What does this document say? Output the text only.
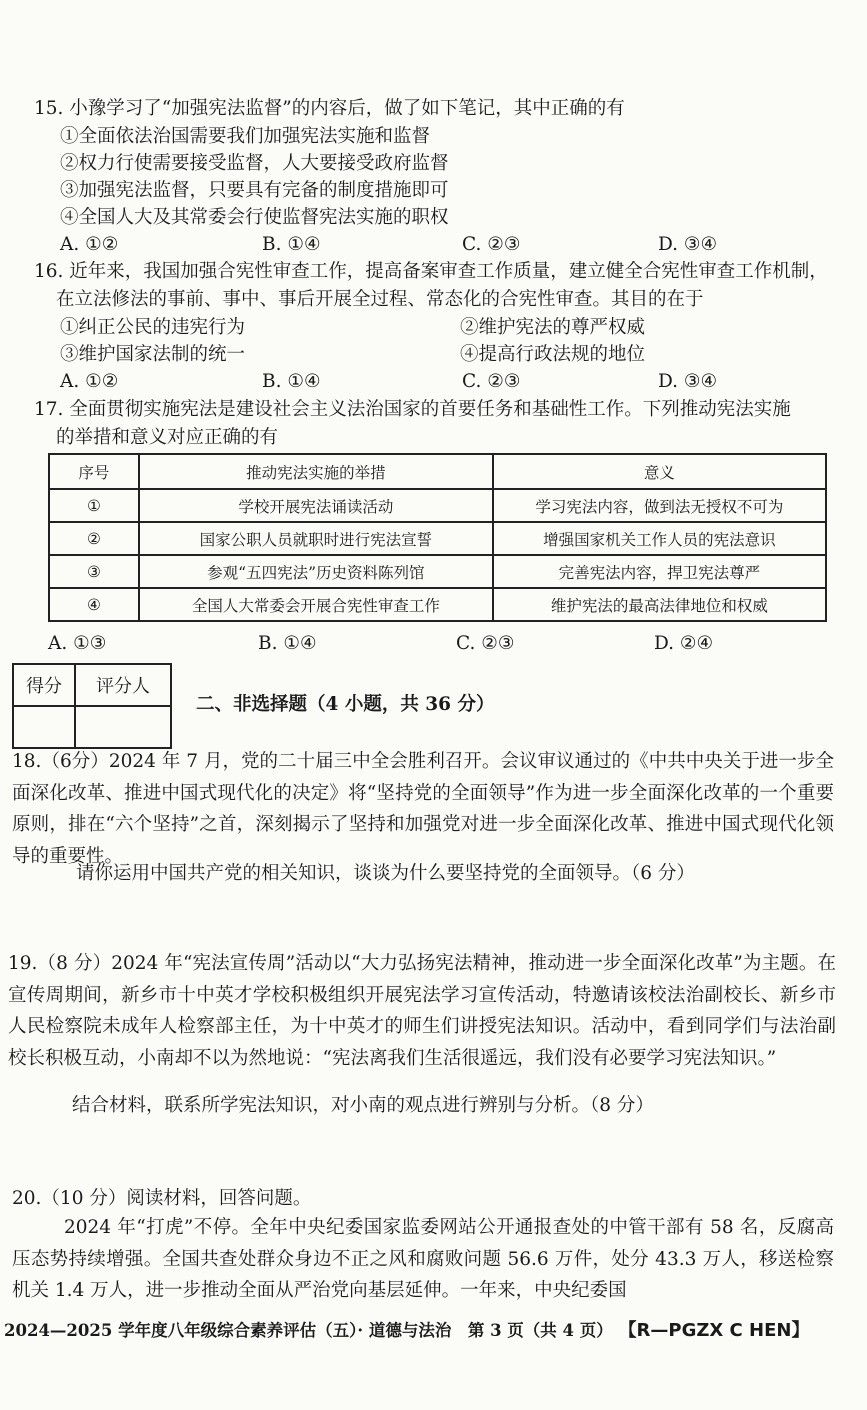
15. 小豫学习了“加强宪法监督”的内容后，做了如下笔记，其中正确的有
①全面依法治国需要我们加强宪法实施和监督
②权力行使需要接受监督，人大要接受政府监督
③加强宪法监督，只要具有完备的制度措施即可
④全国人大及其常委会行使监督宪法实施的职权
A. ①②	B. ①④	C. ②③	D. ③④
16. 近年来，我国加强合宪性审查工作，提高备案审查工作质量，建立健全合宪性审查工作机制，
在立法修法的事前、事中、事后开展全过程、常态化的合宪性审查。其目的在于
①纠正公民的违宪行为	②维护宪法的尊严权威
③维护国家法制的统一	④提高行政法规的地位
A. ①②	B. ①④	C. ②③	D. ③④
17. 全面贯彻实施宪法是建设社会主义法治国家的首要任务和基础性工作。下列推动宪法实施
的举措和意义对应正确的有
序号	推动宪法实施的举措	意义
①	学校开展宪法诵读活动	学习宪法内容，做到法无授权不可为
②	国家公职人员就职时进行宪法宣誓	增强国家机关工作人员的宪法意识
③	参观“五四宪法”历史资料陈列馆	完善宪法内容，捍卫宪法尊严
④	全国人大常委会开展合宪性审查工作	维护宪法的最高法律地位和权威
A. ①③	B. ①④	C. ②③	D. ②④
得分	评分人

二、非选择题（4 小题，共 36 分）
18.（6分）2024 年 7 月，党的二十届三中全会胜利召开。会议审议通过的《中共中央关于进一步全面深化改革、推进中国式现代化的决定》将“坚持党的全面领导”作为进一步全面深化改革的一个重要原则，排在“六个坚持”之首，深刻揭示了坚持和加强党对进一步全面深化改革、推进中国式现代化领导的重要性。
请你运用中国共产党的相关知识，谈谈为什么要坚持党的全面领导。（6 分）
19.（8 分）2024 年“宪法宣传周”活动以“大力弘扬宪法精神，推动进一步全面深化改革”为主题。在宣传周期间，新乡市十中英才学校积极组织开展宪法学习宣传活动，特邀请该校法治副校长、新乡市人民检察院未成年人检察部主任，为十中英才的师生们讲授宪法知识。活动中，看到同学们与法治副校长积极互动，小南却不以为然地说：“宪法离我们生活很遥远，我们没有必要学习宪法知识。”
结合材料，联系所学宪法知识，对小南的观点进行辨别与分析。（8 分）
20.（10 分）阅读材料，回答问题。
2024 年“打虎”不停。全年中央纪委国家监委网站公开通报查处的中管干部有 58 名，反腐高压态势持续增强。全国共查处群众身边不正之风和腐败问题 56.6 万件，处分 43.3 万人，移送检察机关 1.4 万人，进一步推动全面从严治党向基层延伸。一年来，中央纪委国
2024—2025 学年度八年级综合素养评估（五）· 道德与法治　第 3 页（共 4 页） 【R—PGZX C HEN】
